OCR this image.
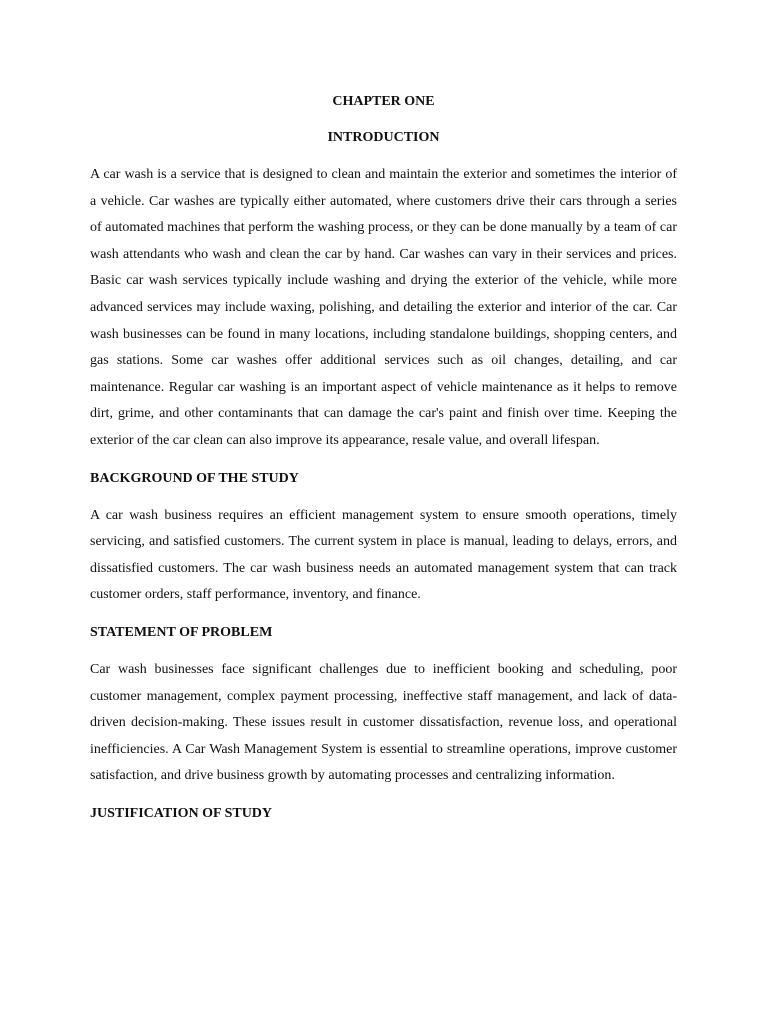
CHAPTER ONE
INTRODUCTION

A car wash is a service that is designed to clean and maintain the exterior and sometimes the interior of a vehicle. Car washes are typically either automated, where customers drive their cars through a series of automated machines that perform the washing process, or they can be done manually by a team of car wash attendants who wash and clean the car by hand. Car washes can vary in their services and prices. Basic car wash services typically include washing and drying the exterior of the vehicle, while more advanced services may include waxing, polishing, and detailing the exterior and interior of the car. Car wash businesses can be found in many locations, including standalone buildings, shopping centers, and gas stations. Some car washes offer additional services such as oil changes, detailing, and car maintenance. Regular car washing is an important aspect of vehicle maintenance as it helps to remove dirt, grime, and other contaminants that can damage the car's paint and finish over time. Keeping the exterior of the car clean can also improve its appearance, resale value, and overall lifespan.

BACKGROUND OF THE STUDY

A car wash business requires an efficient management system to ensure smooth operations, timely servicing, and satisfied customers. The current system in place is manual, leading to delays, errors, and dissatisfied customers. The car wash business needs an automated management system that can track customer orders, staff performance, inventory, and finance.

STATEMENT OF PROBLEM

Car wash businesses face significant challenges due to inefficient booking and scheduling, poor customer management, complex payment processing, ineffective staff management, and lack of data-driven decision-making. These issues result in customer dissatisfaction, revenue loss, and operational inefficiencies. A Car Wash Management System is essential to streamline operations, improve customer satisfaction, and drive business growth by automating processes and centralizing information.

JUSTIFICATION OF STUDY
